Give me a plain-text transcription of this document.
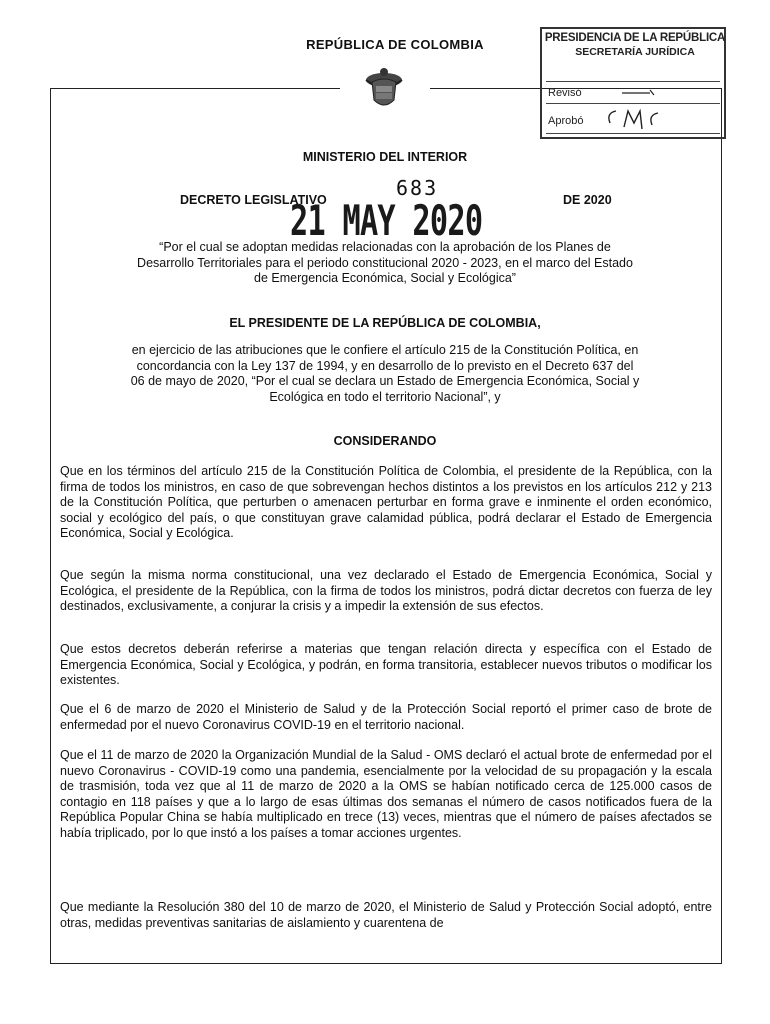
REPÚBLICA DE COLOMBIA	PRESIDENCIA DE LA REPÚBLICA
SECRETARÍA JURÍDICA
Revisó
Aprobó
MINISTERIO DEL INTERIOR
DECRETO LEGISLATIVO	683	DE 2020
21 MAY 2020
“Por el cual se adoptan medidas relacionadas con la aprobación de los Planes de
Desarrollo Territoriales para el periodo constitucional 2020 - 2023, en el marco del Estado
de Emergencia Económica, Social y Ecológica”
EL PRESIDENTE DE LA REPÚBLICA DE COLOMBIA,
en ejercicio de las atribuciones que le confiere el artículo 215 de la Constitución Política, en
concordancia con la Ley 137 de 1994, y en desarrollo de lo previsto en el Decreto 637 del
06 de mayo de 2020, “Por el cual se declara un Estado de Emergencia Económica, Social y
Ecológica en todo el territorio Nacional”, y
CONSIDERANDO
Que en los términos del artículo 215 de la Constitución Política de Colombia, el presidente de la República, con la firma de todos los ministros, en caso de que sobrevengan hechos distintos a los previstos en los artículos 212 y 213 de la Constitución Política, que perturben o amenacen perturbar en forma grave e inminente el orden económico, social y ecológico del país, o que constituyan grave calamidad pública, podrá declarar el Estado de Emergencia Económica, Social y Ecológica.
Que según la misma norma constitucional, una vez declarado el Estado de Emergencia Económica, Social y Ecológica, el presidente de la República, con la firma de todos los ministros, podrá dictar decretos con fuerza de ley destinados, exclusivamente, a conjurar la crisis y a impedir la extensión de sus efectos.
Que estos decretos deberán referirse a materias que tengan relación directa y específica con el Estado de Emergencia Económica, Social y Ecológica, y podrán, en forma transitoria, establecer nuevos tributos o modificar los existentes.
Que el 6 de marzo de 2020 el Ministerio de Salud y de la Protección Social reportó el primer caso de brote de enfermedad por el nuevo Coronavirus COVID-19 en el territorio nacional.
Que el 11 de marzo de 2020 la Organización Mundial de la Salud - OMS declaró el actual brote de enfermedad por el nuevo Coronavirus - COVID-19 como una pandemia, esencialmente por la velocidad de su propagación y la escala de trasmisión, toda vez que al 11 de marzo de 2020 a la OMS se habían notificado cerca de 125.000 casos de contagio en 118 países y que a lo largo de esas últimas dos semanas el número de casos notificados fuera de la República Popular China se había multiplicado en trece (13) veces, mientras que el número de países afectados se había triplicado, por lo que instó a los países a tomar acciones urgentes.
Que mediante la Resolución 380 del 10 de marzo de 2020, el Ministerio de Salud y Protección Social adoptó, entre otras, medidas preventivas sanitarias de aislamiento y cuarentena de
